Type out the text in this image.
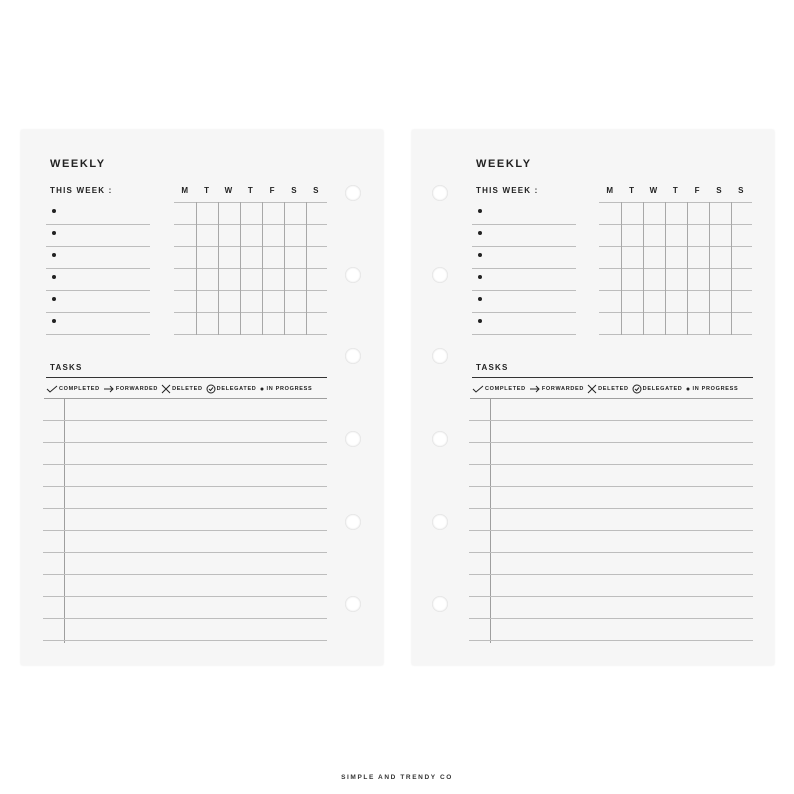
WEEKLY
THIS WEEK :	M	T	W	T	F	S	S
TASKS
COMPLETED	FORWARDED	DELETED	DELEGATED IN PROGRESS
WEEKLY
THIS WEEK :	M	T	W	T	F	S	S
TASKS
COMPLETED	FORWARDED	DELETED	DELEGATED IN PROGRESS
SIMPLE AND TRENDY CO
